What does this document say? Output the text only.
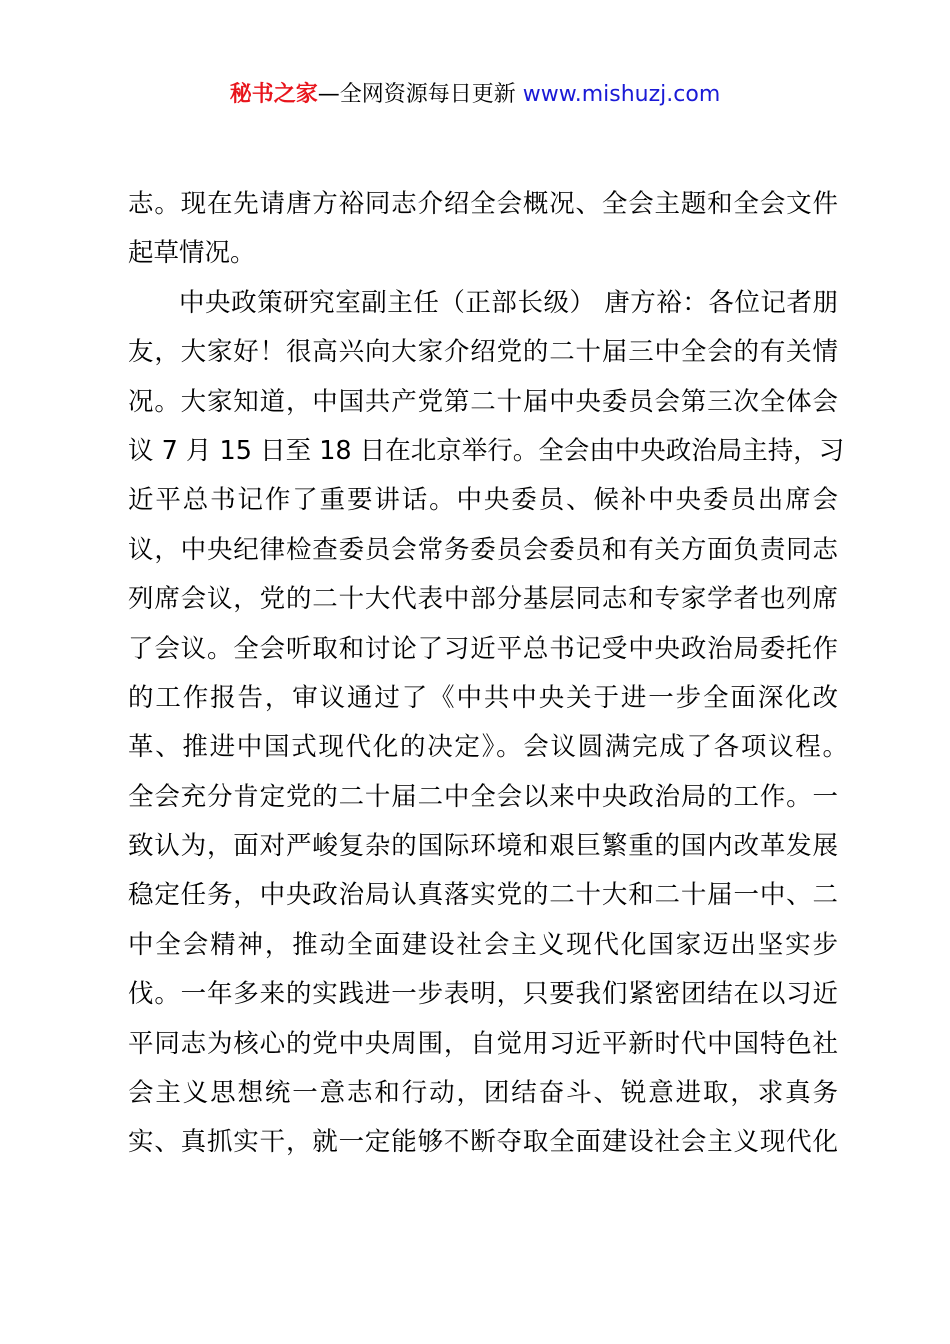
秘书之家—全网资源每日更新 www.mishuzj.com
志。现在先请唐方裕同志介绍全会概况、全会主题和全会文件
起草情况。
中央政策研究室副主任（正部长级） 唐方裕：各位记者朋
友，大家好！很高兴向大家介绍党的二十届三中全会的有关情
况。大家知道，中国共产党第二十届中央委员会第三次全体会
议 7 月 15 日至 18 日在北京举行。全会由中央政治局主持，习
近平总书记作了重要讲话。中央委员、候补中央委员出席会
议，中央纪律检查委员会常务委员会委员和有关方面负责同志
列席会议，党的二十大代表中部分基层同志和专家学者也列席
了会议。全会听取和讨论了习近平总书记受中央政治局委托作
的工作报告，审议通过了《中共中央关于进一步全面深化改
革、推进中国式现代化的决定》。会议圆满完成了各项议程。
全会充分肯定党的二十届二中全会以来中央政治局的工作。一
致认为，面对严峻复杂的国际环境和艰巨繁重的国内改革发展
稳定任务，中央政治局认真落实党的二十大和二十届一中、二
中全会精神，推动全面建设社会主义现代化国家迈出坚实步
伐。一年多来的实践进一步表明，只要我们紧密团结在以习近
平同志为核心的党中央周围，自觉用习近平新时代中国特色社
会主义思想统一意志和行动，团结奋斗、锐意进取，求真务
实、真抓实干，就一定能够不断夺取全面建设社会主义现代化
